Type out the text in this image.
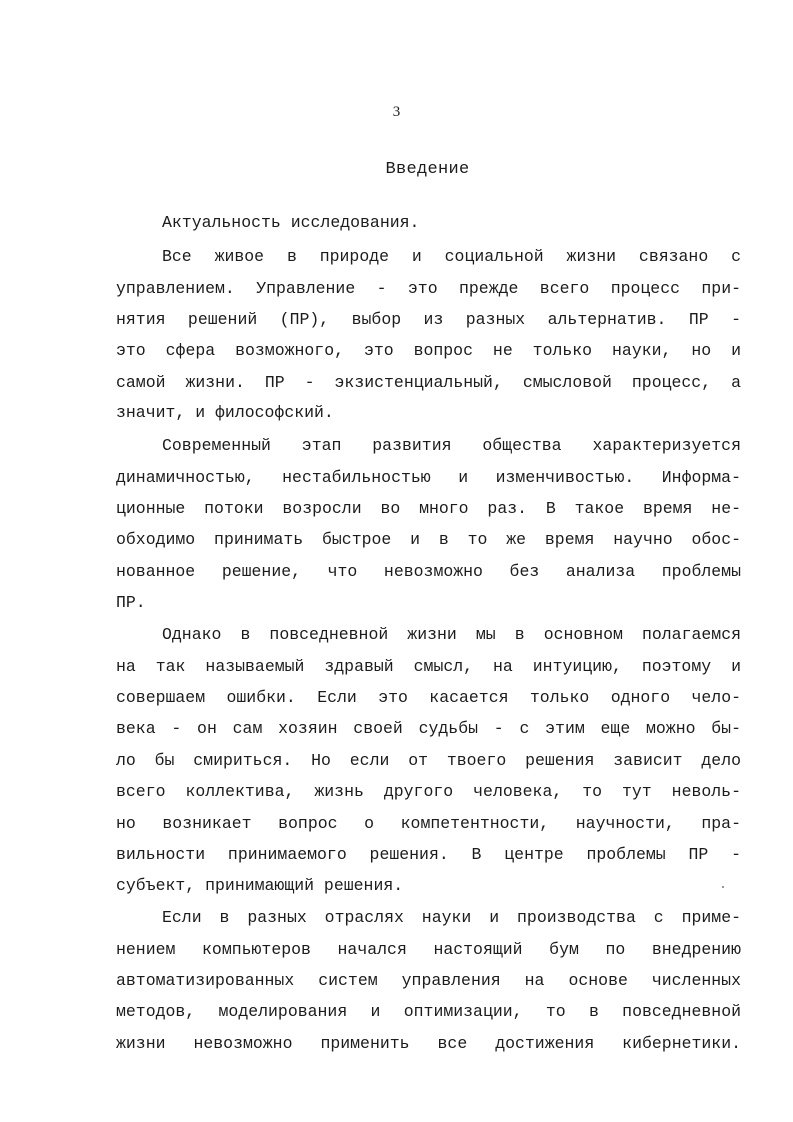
3
Введение
Актуальность исследования.
Все живое в природе и социальной жизни связано с
управлением. Управление - это прежде всего процесс при-
нятия решений (ПР), выбор из разных альтернатив. ПР -
это сфера возможного, это вопрос не только науки, но и
самой жизни. ПР - экзистенциальный, смысловой процесс, а
значит, и философский.
Современный этап развития общества характеризуется
динамичностью, нестабильностью и изменчивостью. Информа-
ционные потоки возросли во много раз. В такое время не-
обходимо принимать быстрое и в то же время научно обос-
нованное решение, что невозможно без анализа проблемы
ПР.
Однако в повседневной жизни мы в основном полагаемся
на так называемый здравый смысл, на интуицию, поэтому и
совершаем ошибки. Если это касается только одного чело-
века - он сам хозяин своей судьбы - с этим еще можно бы-
ло бы смириться. Но если от твоего решения зависит дело
всего коллектива, жизнь другого человека, то тут неволь-
но возникает вопрос о компетентности, научности, пра-
вильности принимаемого решения. В центре проблемы ПР -
субъект, принимающий решения.
Если в разных отраслях науки и производства с приме-
нением компьютеров начался настоящий бум по внедрению
автоматизированных систем управления на основе численных
методов, моделирования и оптимизации, то в повседневной
жизни невозможно применить все достижения кибернетики.
